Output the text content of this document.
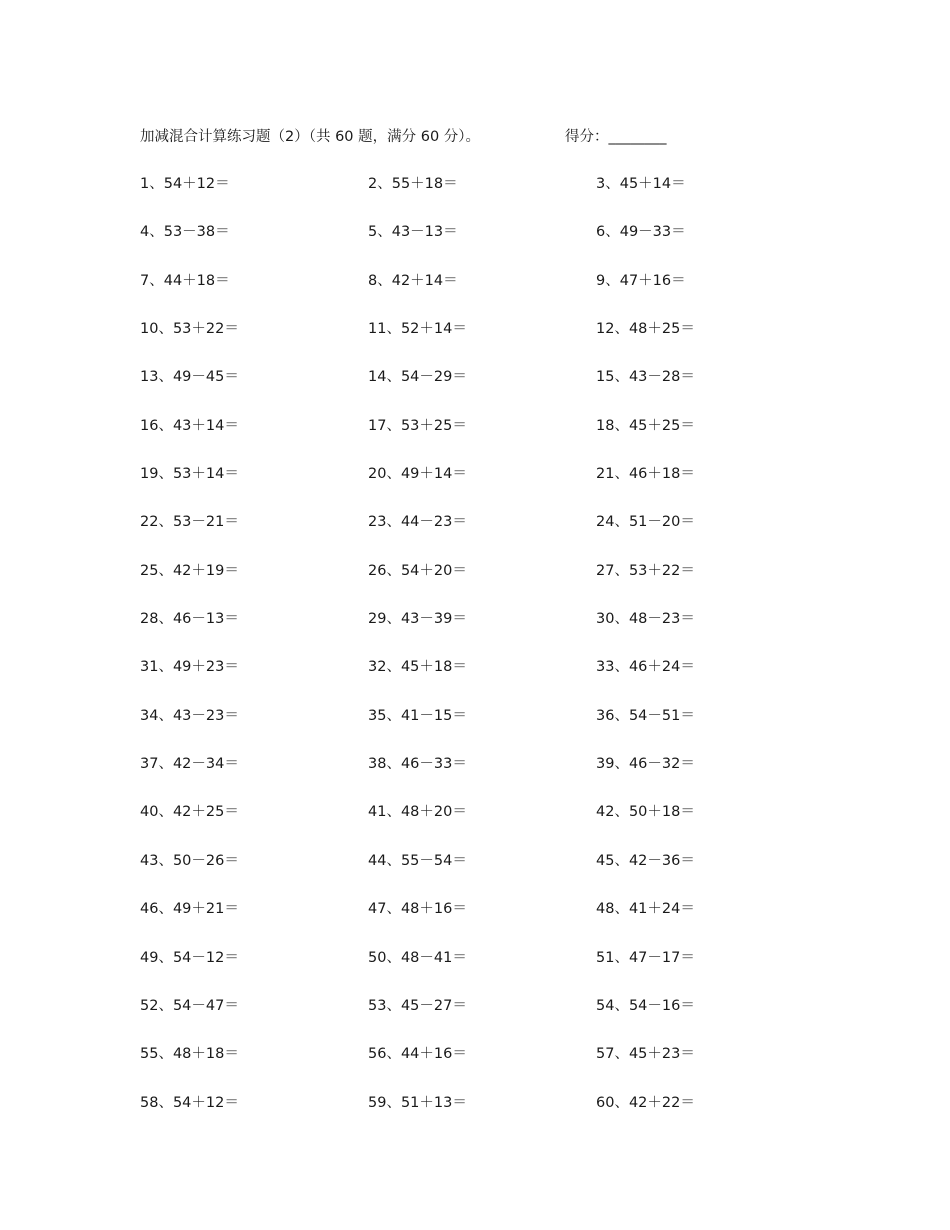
加减混合计算练习题（2）（共 60 题，满分 60 分）。	得分：________
1、54＋12＝	2、55＋18＝	3、45＋14＝
4、53－38＝	5、43－13＝	6、49－33＝
7、44＋18＝	8、42＋14＝	9、47＋16＝
10、53＋22＝	11、52＋14＝	12、48＋25＝
13、49－45＝	14、54－29＝	15、43－28＝
16、43＋14＝	17、53＋25＝	18、45＋25＝
19、53＋14＝	20、49＋14＝	21、46＋18＝
22、53－21＝	23、44－23＝	24、51－20＝
25、42＋19＝	26、54＋20＝	27、53＋22＝
28、46－13＝	29、43－39＝	30、48－23＝
31、49＋23＝	32、45＋18＝	33、46＋24＝
34、43－23＝	35、41－15＝	36、54－51＝
37、42－34＝	38、46－33＝	39、46－32＝
40、42＋25＝	41、48＋20＝	42、50＋18＝
43、50－26＝	44、55－54＝	45、42－36＝
46、49＋21＝	47、48＋16＝	48、41＋24＝
49、54－12＝	50、48－41＝	51、47－17＝
52、54－47＝	53、45－27＝	54、54－16＝
55、48＋18＝	56、44＋16＝	57、45＋23＝
58、54＋12＝	59、51＋13＝	60、42＋22＝
